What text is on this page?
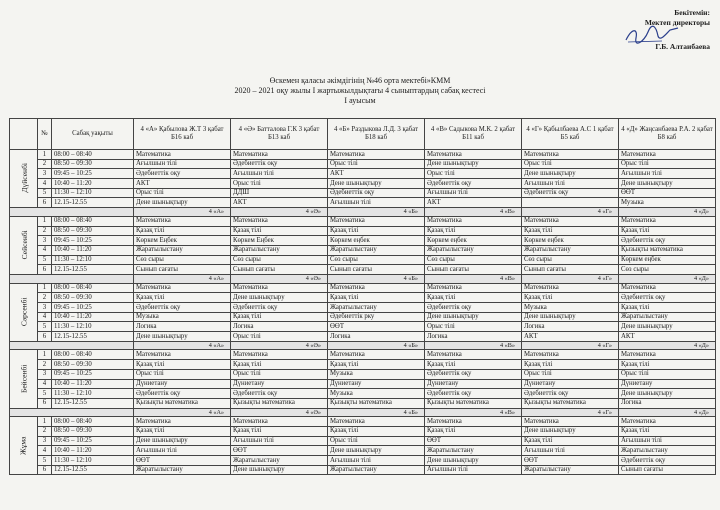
Бекітемін:
Мектеп директоры
Г.Б. Алтаибаева
Өскемен қаласы әкімдігінің №46 орта мектебі»КММ
2020 – 2021 оқу жылы I жартыжылдықтағы 4 сыныптардың сабақ кестесі
I ауысым
	№	Сабақ уақыты	4 «А» Қабылова Ж.Т 3 қабат Б16 каб	4 «Ә» Батталова Г.К 3 қабат Б13 каб	4 «Б» Раздыкова Л.Д. 3 қабат Б18 каб	4 «В» Садыкова М.К. 2 қабат Б11 каб	4 «Г» Қабылбаева А.С 1 қабат Б5 каб	4 «Д» Жаңсанбаева Р.А. 2 қабат Б8 каб
Дүйсенбі	1	08:00 – 08:40	Математика	Математика	Математика	Математика	Математика	Математика
	2	08:50 – 09:30	Ағылшын тілі	Әдебиеттік оқу	Орыс тілі	Дене шынықтыру	Орыс тілі	Орыс тілі
	3	09:45 – 10:25	Әдебиеттік оқу	Ағылшын тілі	АКТ	Орыс тілі	Дене шынықтыру	Ағылшын тілі
	4	10:40 – 11:20	АКТ	Орыс тілі	Дене шынықтыру	Әдебиеттік оқу	Ағылшын тілі	Дене шынықтыру
	5	11:30 – 12:10	Орыс тілі	ДДШ	Әдебиеттік оқу	Ағылшын тілі	Әдебиеттік оқу	ӨӨТ
	6	12.15-12.55	Дене шынықтыру	АКТ	Ағылшын тілі	АКТ		Музыка
			4 «А»	4 «Ә»	4 «Б»	4 «В»	4 «Г»	4 «Д»
Сейсенбі	1	08:00 – 08:40	Математика	Математика	Математика	Математика	Математика	Математика
	2	08:50 – 09:30	Қазақ тілі	Қазақ тілі	Қазақ тілі	Қазақ тілі	Қазақ тілі	Қазақ тілі
	3	09:45 – 10:25	Көркем Еңбек	Көркем Еңбек	Көркем еңбек	Көркем еңбек	Көркем еңбек	Әдебиеттік оқу
	4	10:40 – 11:20	Жаратылыстану	Жаратылыстану	Жаратылыстану	Жаратылыстану	Жаратылыстану	Қызықты математика
	5	11:30 – 12:10	Сөз сыры	Сөз сыры	Сөз сыры	Сөз сыры	Сөз сыры	Көркем еңбек
	6	12.15-12.55	Сынып сағаты	Сынып сағаты	Сынып сағаты	Сынып сағаты	Сынып сағаты	Сөз сыры
			4 «А»	4 «Ә»	4 «Б»	4 «В»	4 «Г»	4 «Д»
Сәрсенбі	1	08:00 – 08:40	Математика	Математика	Математика	Математика	Математика	Математика
	2	08:50 – 09:30	Қазақ тілі	Дене шынықтыру	Қазақ тілі	Қазақ тілі	Қазақ тілі	Әдебиеттік оқу
	3	09:45 – 10:25	Әдебиеттік оқу	Әдебиеттік оқу	Жаратылыстану	Әдебиеттік оқу	Музыка	Қазақ тілі
	4	10:40 – 11:20	Музыка	Қазақ тілі	Әдебиеттік рку	Дене шынықтыру	Дене шынықтыру	Жаратылыстану
	5	11:30 – 12:10	Логика	Логика	ӨӨТ	Орыс тілі	Логика	Дене шынықтыру
	6	12.15-12.55	Дене шынықтыру	Орыс тілі	Логика	Логика	АКТ	АКТ
			4 «А»	4 «Ә»	4 «Б»	4 «В»	4 «Г»	4 «Д»
Бейсенбі	1	08:00 – 08:40	Математика	Математика	Математика	Математика	Математика	Математика
	2	08:50 – 09:30	Қазақ тілі	Қазақ тілі	Қазақ тілі	Қазақ тілі	Қазақ тілі	Қазақ тілі
	3	09:45 – 10:25	Орыс тілі	Орыс тілі	Музыка	Әдебиеттік оқу	Орыс тілі	Орыс тілі
	4	10:40 – 11:20	Дүниетану	Дүниетану	Дүниетану	Дүниетану	Дүниетану	Дүниетану
	5	11:30 – 12:10	Әдебиеттік оқу	Әдебиеттік оқу	Музыка	Әдебиеттік оқу	Әдебиеттік оқу	Дене шынықтыру
	6	12.15-12.55	Қызықты математика	Қызықты математика	Қызықты математика	Қызықты математика	Қызықты математика	Логика
			4 «А»	4 «Ә»	4 «Б»	4 «В»	4 «Г»	4 «Д»
Жұма	1	08:00 – 08:40	Математика	Математика	Математика	Математика	Математика	Математика
	2	08:50 – 09:30	Қазақ тілі	Қазақ тілі	Қазақ тілі	Қазақ тілі	Дене шынықтыру	Қазақ тілі
	3	09:45 – 10:25	Дене шынықтыру	Ағылшын тілі	Орыс тілі	ӨӨТ	Қазақ тілі	Ағылшын тілі
	4	10:40 – 11:20	Ағылшын тілі	ӨӨТ	Дене шынықтыру	Жаратылыстану	Ағылшын тілі	Жаратылыстану
	5	11:30 – 12:10	ӨӨТ	Жаратылыстану	Ағылшын тілі	Дене шынықтыру	ӨӨТ	Әдебиеттік оқу
	6	12.15-12.55	Жаратылыстану	Дене шынықтыру	Жаратылыстану	Ағылшын тілі	Жаратылыстану	Сынып сағаты
